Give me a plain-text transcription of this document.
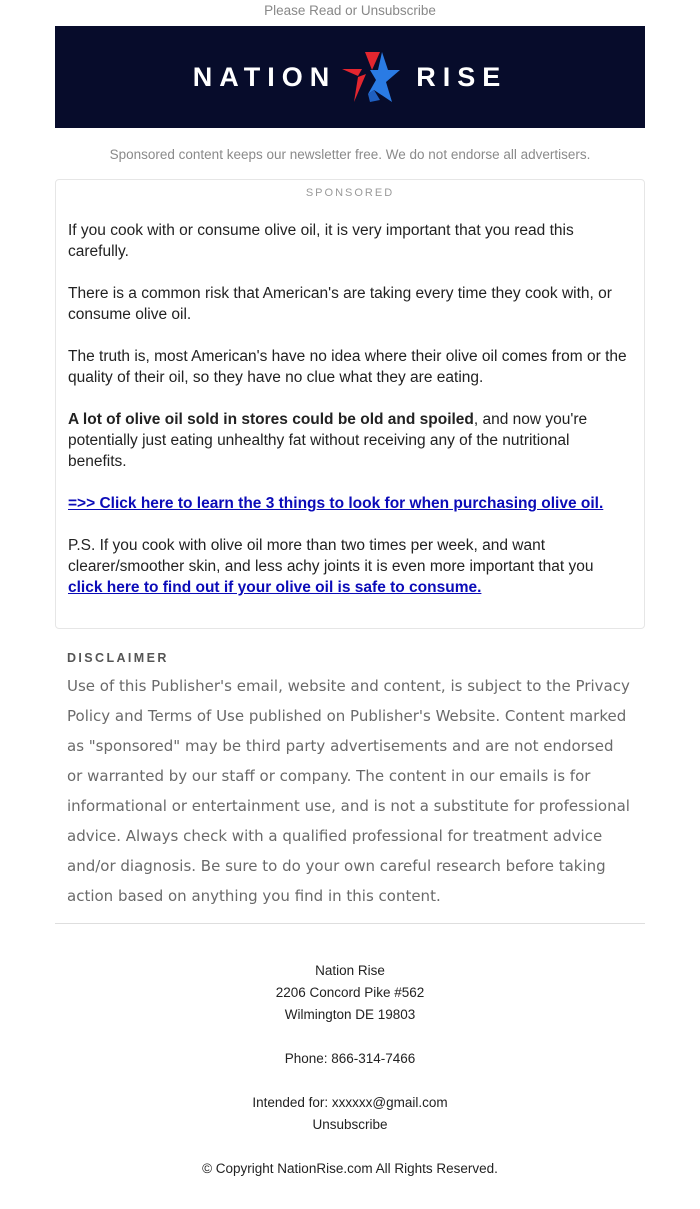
Please Read or Unsubscribe
NATION	RISE
Sponsored content keeps our newsletter free. We do not endorse all advertisers.
SPONSORED

If you cook with or consume olive oil, it is very important that you read this carefully.

There is a common risk that American's are taking every time they cook with, or consume olive oil.

The truth is, most American's have no idea where their olive oil comes from or the quality of their oil, so they have no clue what they are eating.

A lot of olive oil sold in stores could be old and spoiled, and now you're potentially just eating unhealthy fat without receiving any of the nutritional benefits.

=>> Click here to learn the 3 things to look for when purchasing olive oil.

P.S. If you cook with olive oil more than two times per week, and want clearer/smoother skin, and less achy joints it is even more important that you click here to find out if your olive oil is safe to consume.

DISCLAIMER
Use of this Publisher's email, website and content, is subject to the Privacy Policy and Terms of Use published on Publisher's Website. Content marked as "sponsored" may be third party advertisements and are not endorsed or warranted by our staff or company. The content in our emails is for informational or entertainment use, and is not a substitute for professional advice. Always check with a qualified professional for treatment advice and/or diagnosis. Be sure to do your own careful research before taking action based on anything you find in this content.
Nation Rise
2206 Concord Pike #562
Wilmington DE 19803
Phone: 866-314-7466
Intended for: xxxxxx@gmail.com
Unsubscribe
© Copyright NationRise.com All Rights Reserved.
